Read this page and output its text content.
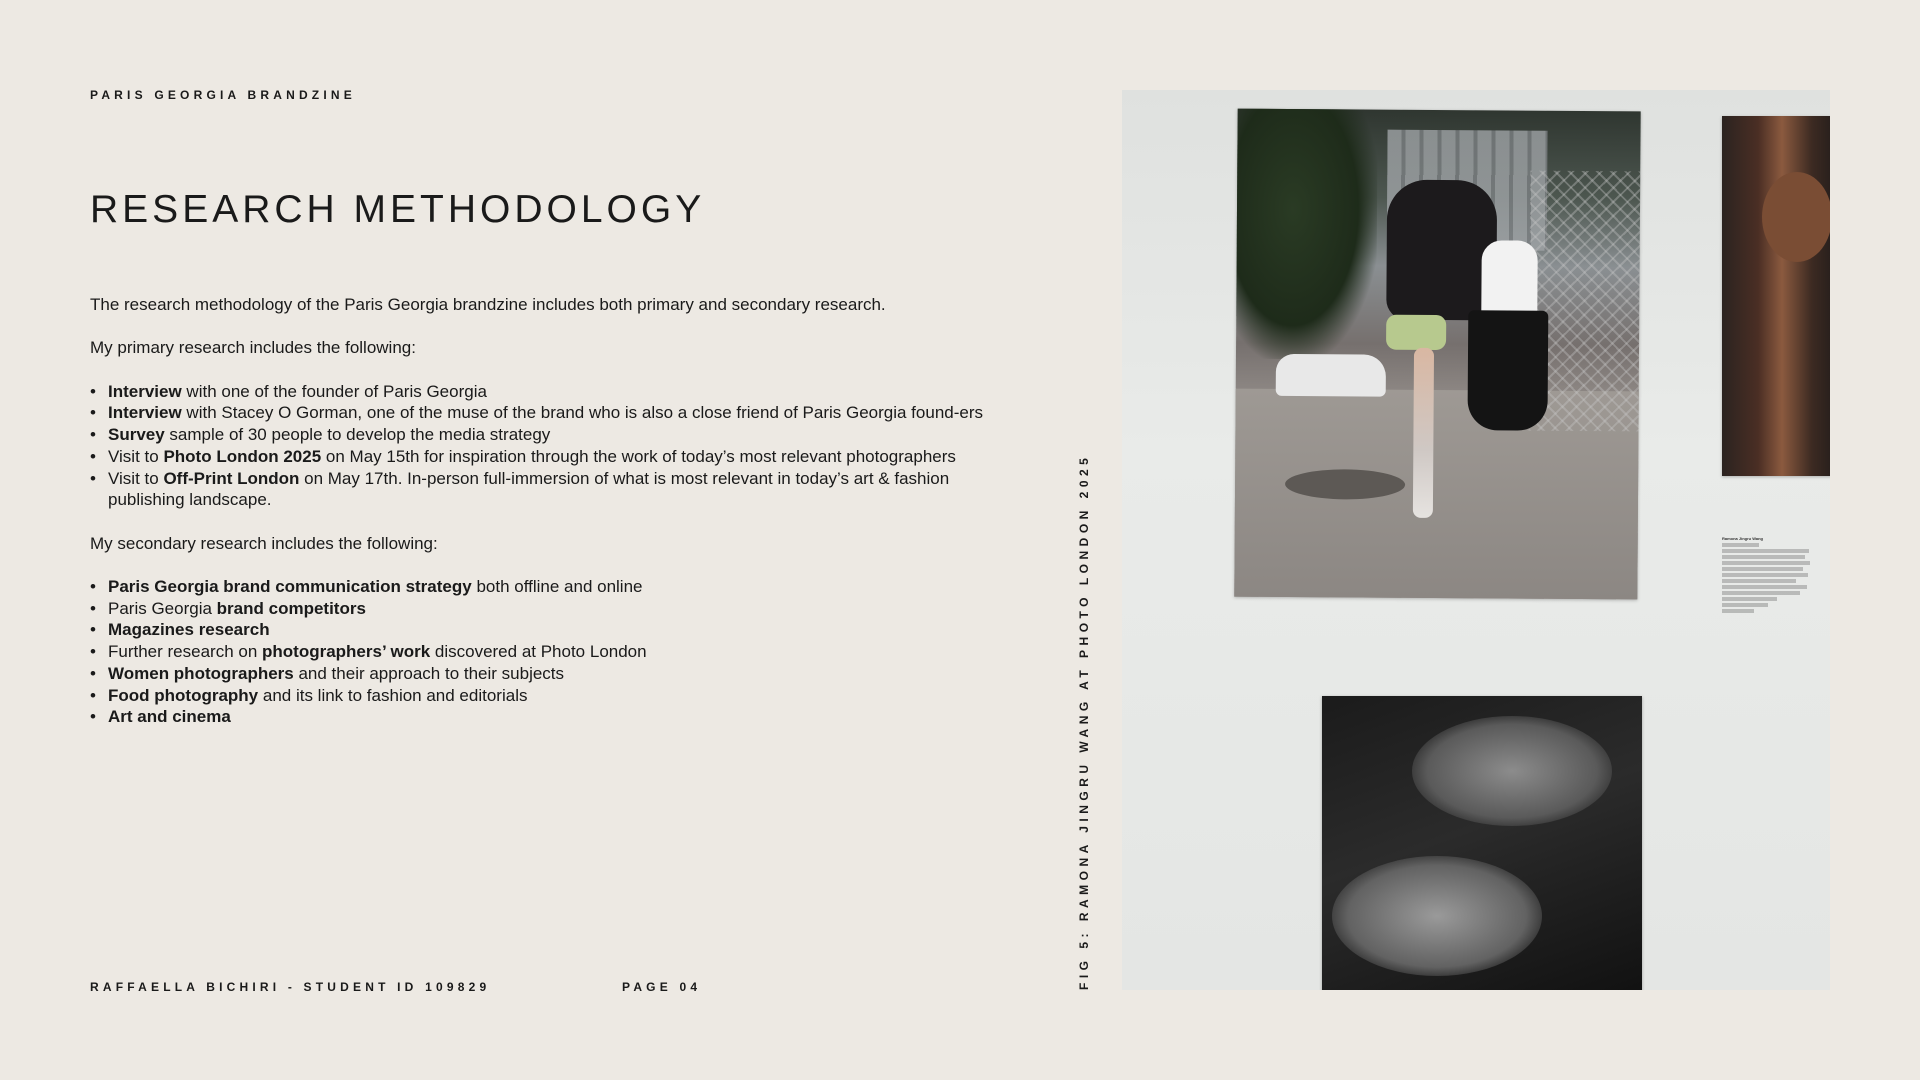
PARIS GEORGIA BRANDZINE
RESEARCH METHODOLOGY

The research methodology of the Paris Georgia brandzine includes both primary and secondary research.

My primary research includes the following:

• Interview with one of the founder of Paris Georgia
• Interview with Stacey O Gorman, one of the muse of the brand who is also a close friend of Paris Georgia found-ers
• Survey sample of 30 people to develop the media strategy
• Visit to Photo London 2025 on May 15th for inspiration through the work of today’s most relevant photographers
• Visit to Off-Print London on May 17th. In-person full-immersion of what is most relevant in today’s art & fashion publishing landscape.

My secondary research includes the following:

• Paris Georgia brand communication strategy both offline and online
• Paris Georgia brand competitors
• Magazines research
• Further research on photographers’ work discovered at Photo London
• Women photographers and their approach to their subjects
• Food photography and its link to fashion and editorials
• Art and cinema
RAFFAELLA BICHIRI - STUDENT ID 109829	PAGE 04	FIG 5: RAMONA JINGRU WANG AT PHOTO LONDON 2025	Ramona Jingru Wang
